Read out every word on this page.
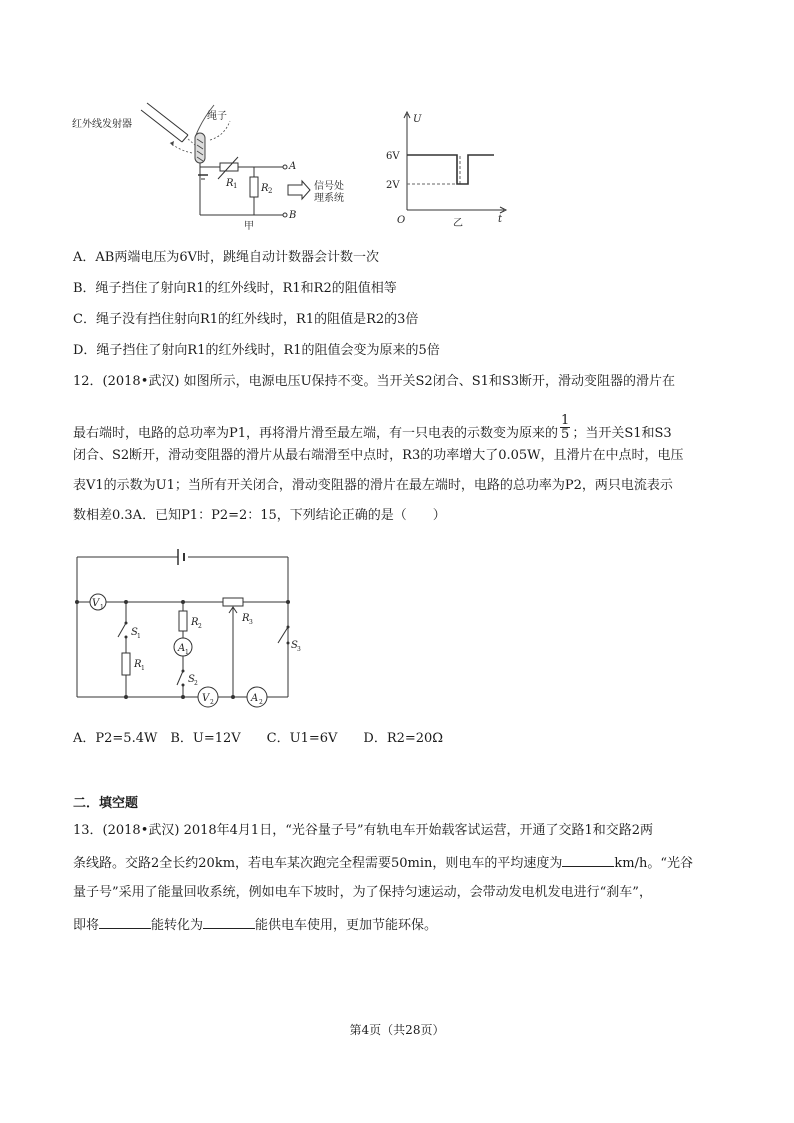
红外线发射器
绳子
R 1 R 2
A
B
信号处
理系统
甲
U
t
O
6V
2V
乙
A．AB两端电压为6V时，跳绳自动计数器会计数一次
B．绳子挡住了射向R1的红外线时，R1和R2的阻值相等
C．绳子没有挡住射向R1的红外线时，R1的阻值是R2的3倍
D．绳子挡住了射向R1的红外线时，R1的阻值会变为原来的5倍
12．(2018•武汉) 如图所示，电源电压U保持不变。当开关S2闭合、S1和S3断开，滑动变阻器的滑片在
最右端时，电路的总功率为P1，再将滑片滑至最左端，有一只电表的示数变为原来的 $\frac{1}{5}$ ；当开关S1和S3
闭合、S2断开，滑动变阻器的滑片从最右端滑至中点时，R3的功率增大了0.05W，且滑片在中点时，电压
表V1的示数为U1；当所有开关闭合，滑动变阻器的滑片在最左端时，电路的总功率为P2，两只电流表示
数相差0.3A．已知P1：P2=2：15，下列结论正确的是（　　）
V 1
A 1
V 2	A 2
S 1
R 1
R 2
S 2
R 3
S 3
A．P2=5.4W　B．U=12V　　C．U1=6V　　D．R2=20Ω
二．填空题
13．(2018•武汉) 2018年4月1日，“光谷量子号”有轨电车开始载客试运营，开通了交路1和交路2两
条线路。交路2全长约20km，若电车某次跑完全程需要50min，则电车的平均速度为	km/h。“光谷
量子号”采用了能量回收系统，例如电车下坡时，为了保持匀速运动，会带动发电机发电进行“刹车”，
即将	能转化为	能供电车使用，更加节能环保。
第4页（共28页）
